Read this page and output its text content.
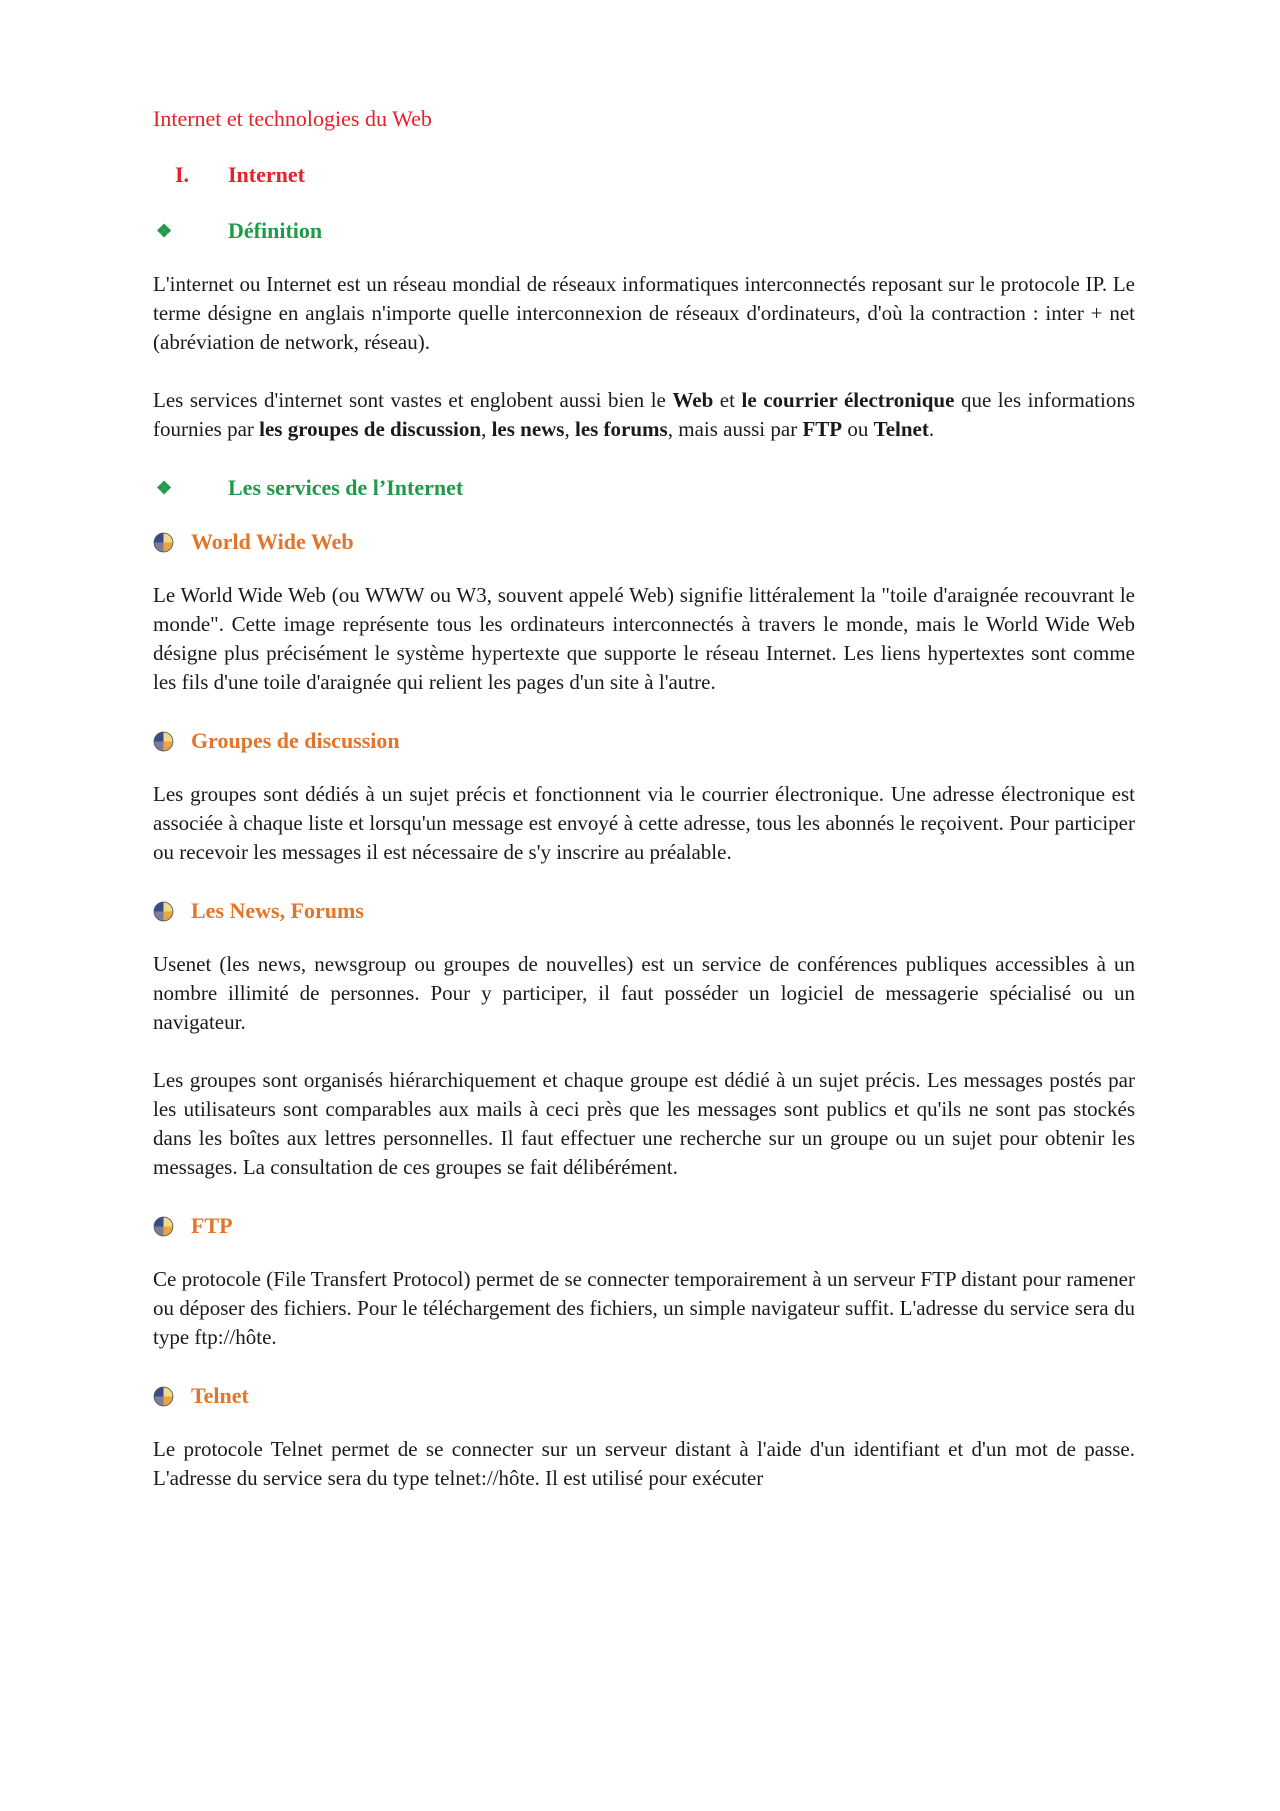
Internet et technologies du Web
I.	Internet
❖	Définition

L'internet ou Internet est un réseau mondial de réseaux informatiques interconnectés reposant sur le protocole IP. Le terme désigne en anglais n'importe quelle interconnexion de réseaux d'ordinateurs, d'où la contraction : inter + net (abréviation de network, réseau).

Les services d'internet sont vastes et englobent aussi bien le Web et le courrier électronique que les informations fournies par les groupes de discussion, les news, les forums, mais aussi par FTP ou Telnet.

❖	Les services de l’Internet
World Wide Web

Le World Wide Web (ou WWW ou W3, souvent appelé Web) signifie littéralement la "toile d'araignée recouvrant le monde". Cette image représente tous les ordinateurs interconnectés à travers le monde, mais le World Wide Web désigne plus précisément le système hypertexte que supporte le réseau Internet. Les liens hypertextes sont comme les fils d'une toile d'araignée qui relient les pages d'un site à l'autre.

Groupes de discussion

Les groupes sont dédiés à un sujet précis et fonctionnent via le courrier électronique. Une adresse électronique est associée à chaque liste et lorsqu'un message est envoyé à cette adresse, tous les abonnés le reçoivent. Pour participer ou recevoir les messages il est nécessaire de s'y inscrire au préalable.

Les News, Forums

Usenet (les news, newsgroup ou groupes de nouvelles) est un service de conférences publiques accessibles à un nombre illimité de personnes. Pour y participer, il faut posséder un logiciel de messagerie spécialisé ou un navigateur.

Les groupes sont organisés hiérarchiquement et chaque groupe est dédié à un sujet précis. Les messages postés par les utilisateurs sont comparables aux mails à ceci près que les messages sont publics et qu'ils ne sont pas stockés dans les boîtes aux lettres personnelles. Il faut effectuer une recherche sur un groupe ou un sujet pour obtenir les messages. La consultation de ces groupes se fait délibérément.

FTP

Ce protocole (File Transfert Protocol) permet de se connecter temporairement à un serveur FTP distant pour ramener ou déposer des fichiers. Pour le téléchargement des fichiers, un simple navigateur suffit. L'adresse du service sera du type ftp://hôte.

Telnet

Le protocole Telnet permet de se connecter sur un serveur distant à l'aide d'un identifiant et d'un mot de passe. L'adresse du service sera du type telnet://hôte. Il est utilisé pour exécuter
